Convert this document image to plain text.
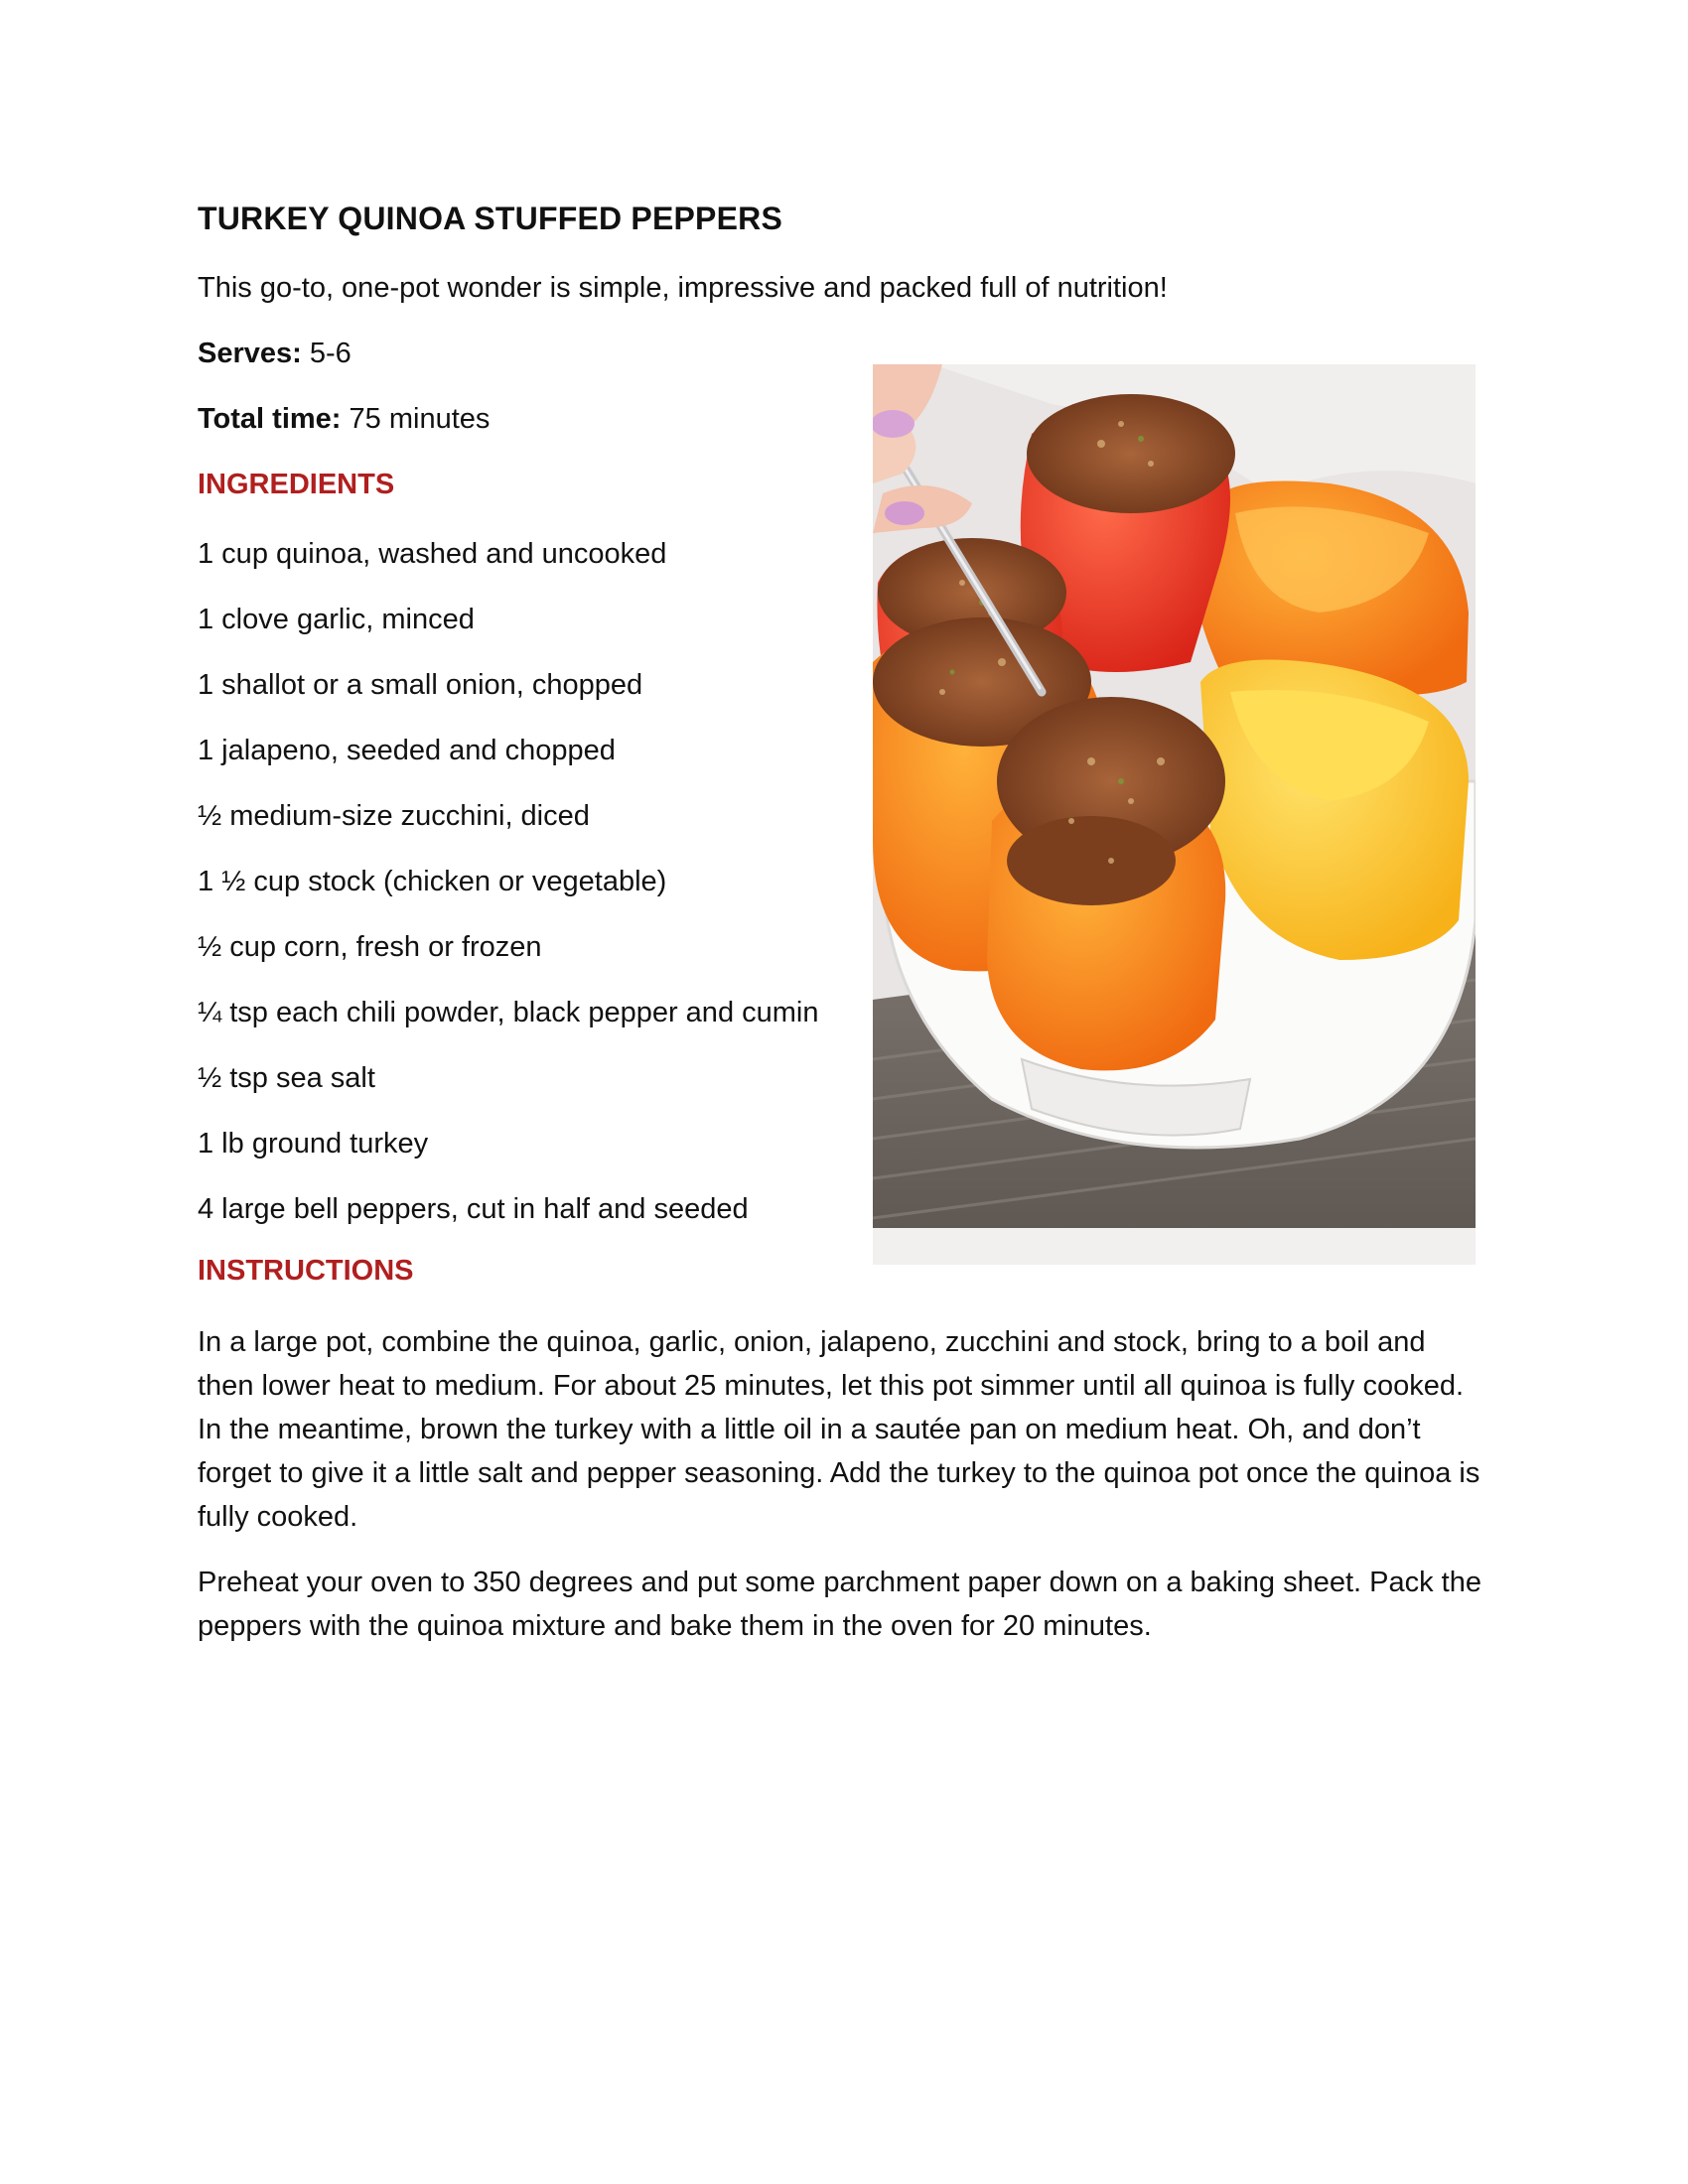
TURKEY QUINOA STUFFED PEPPERS
This go-to, one-pot wonder is simple, impressive and packed full of nutrition!
Serves: 5-6
Total time: 75 minutes
INGREDIENTS
1 cup quinoa, washed and uncooked
1 clove garlic, minced
1 shallot or a small onion, chopped
1 jalapeno, seeded and chopped
½ medium-size zucchini, diced
1 ½ cup stock (chicken or vegetable)
½ cup corn, fresh or frozen
¼ tsp each chili powder, black pepper and cumin
½ tsp sea salt
1 lb ground turkey
4 large bell peppers, cut in half and seeded
INSTRUCTIONS

In a large pot, combine the quinoa, garlic, onion, jalapeno, zucchini and stock, bring to a boil and then lower heat to medium. For about 25 minutes, let this pot simmer until all quinoa is fully cooked. In the meantime, brown the turkey with a little oil in a sautée pan on medium heat. Oh, and don’t forget to give it a little salt and pepper seasoning. Add the turkey to the quinoa pot once the quinoa is fully cooked.

Preheat your oven to 350 degrees and put some parchment paper down on a baking sheet. Pack the peppers with the quinoa mixture and bake them in the oven for 20 minutes.
